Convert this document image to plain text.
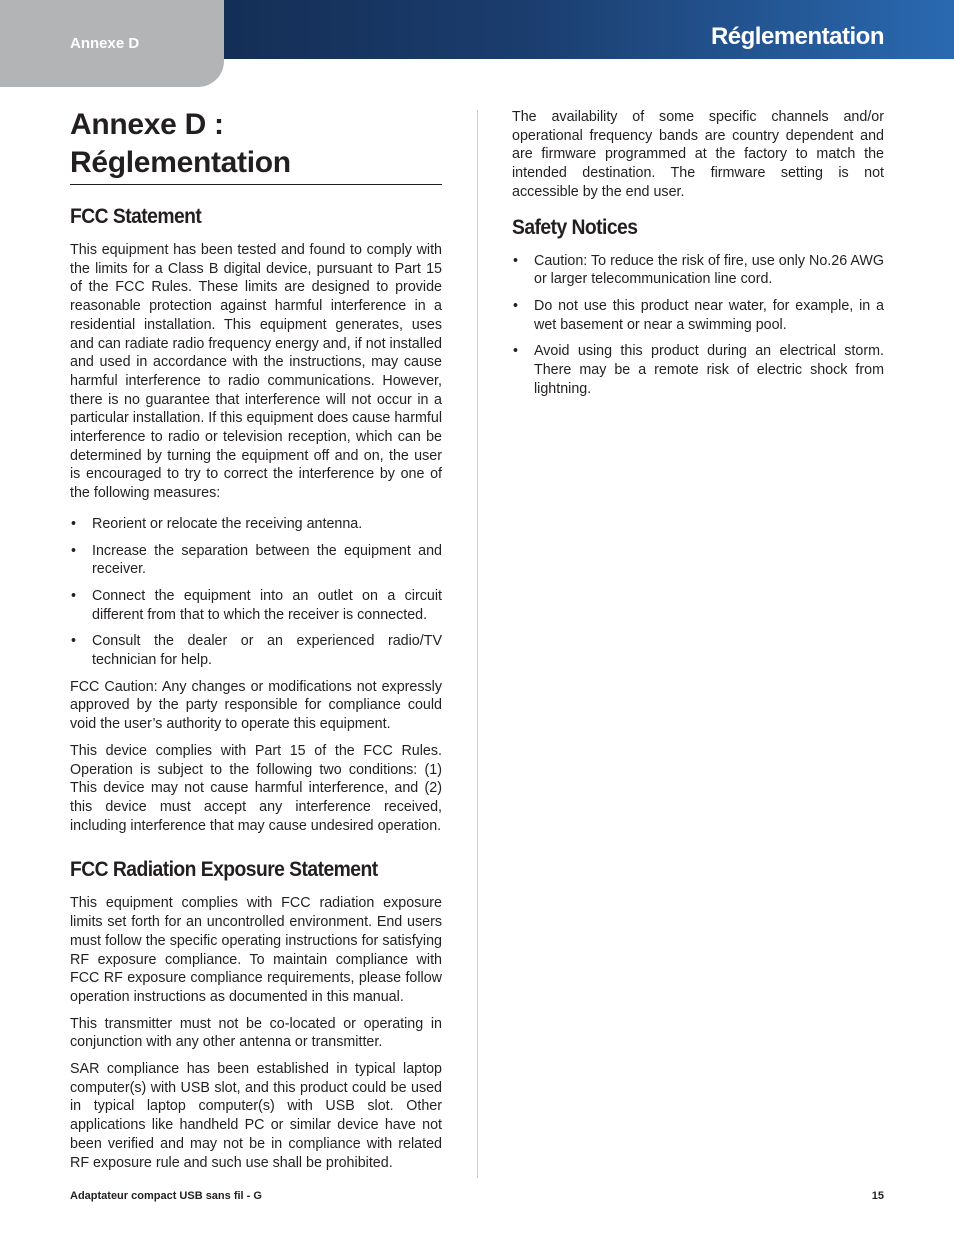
Annexe D	Réglementation
Annexe D :
Réglementation
FCC Statement

This equipment has been tested and found to comply with the limits for a Class B digital device, pursuant to Part 15 of the FCC Rules. These limits are designed to provide reasonable protection against harmful interference in a residential installation. This equipment generates, uses and can radiate radio frequency energy and, if not installed and used in accordance with the instructions, may cause harmful interference to radio communications. However, there is no guarantee that interference will not occur in a particular installation. If this equipment does cause harmful interference to radio or television reception, which can be determined by turning the equipment off and on, the user is encouraged to try to correct the interference by one of the following measures:

• Reorient or relocate the receiving antenna.
• Increase the separation between the equipment and receiver.
• Connect the equipment into an outlet on a circuit different from that to which the receiver is connected.
• Consult the dealer or an experienced radio/TV technician for help.

FCC Caution: Any changes or modifications not expressly approved by the party responsible for compliance could void the user’s authority to operate this equipment.

This device complies with Part 15 of the FCC Rules. Operation is subject to the following two conditions: (1) This device may not cause harmful interference, and (2) this device must accept any interference received, including interference that may cause undesired operation.

FCC Radiation Exposure Statement

This equipment complies with FCC radiation exposure limits set forth for an uncontrolled environment. End users must follow the specific operating instructions for satisfying RF exposure compliance. To maintain compliance with FCC RF exposure compliance requirements, please follow operation instructions as documented in this manual.

This transmitter must not be co-located or operating in conjunction with any other antenna or transmitter.

SAR compliance has been established in typical laptop computer(s) with USB slot, and this product could be used in typical laptop computer(s) with USB slot. Other applications like handheld PC or similar device have not been verified and may not be in compliance with related RF exposure rule and such use shall be prohibited.

The availability of some specific channels and/or operational frequency bands are country dependent and are firmware programmed at the factory to match the intended destination. The firmware setting is not accessible by the end user.

Safety Notices
• Caution: To reduce the risk of fire, use only No.26 AWG or larger telecommunication line cord.
• Do not use this product near water, for example, in a wet basement or near a swimming pool.
• Avoid using this product during an electrical storm. There may be a remote risk of electric shock from lightning.
Adaptateur compact USB sans fil - G	15
